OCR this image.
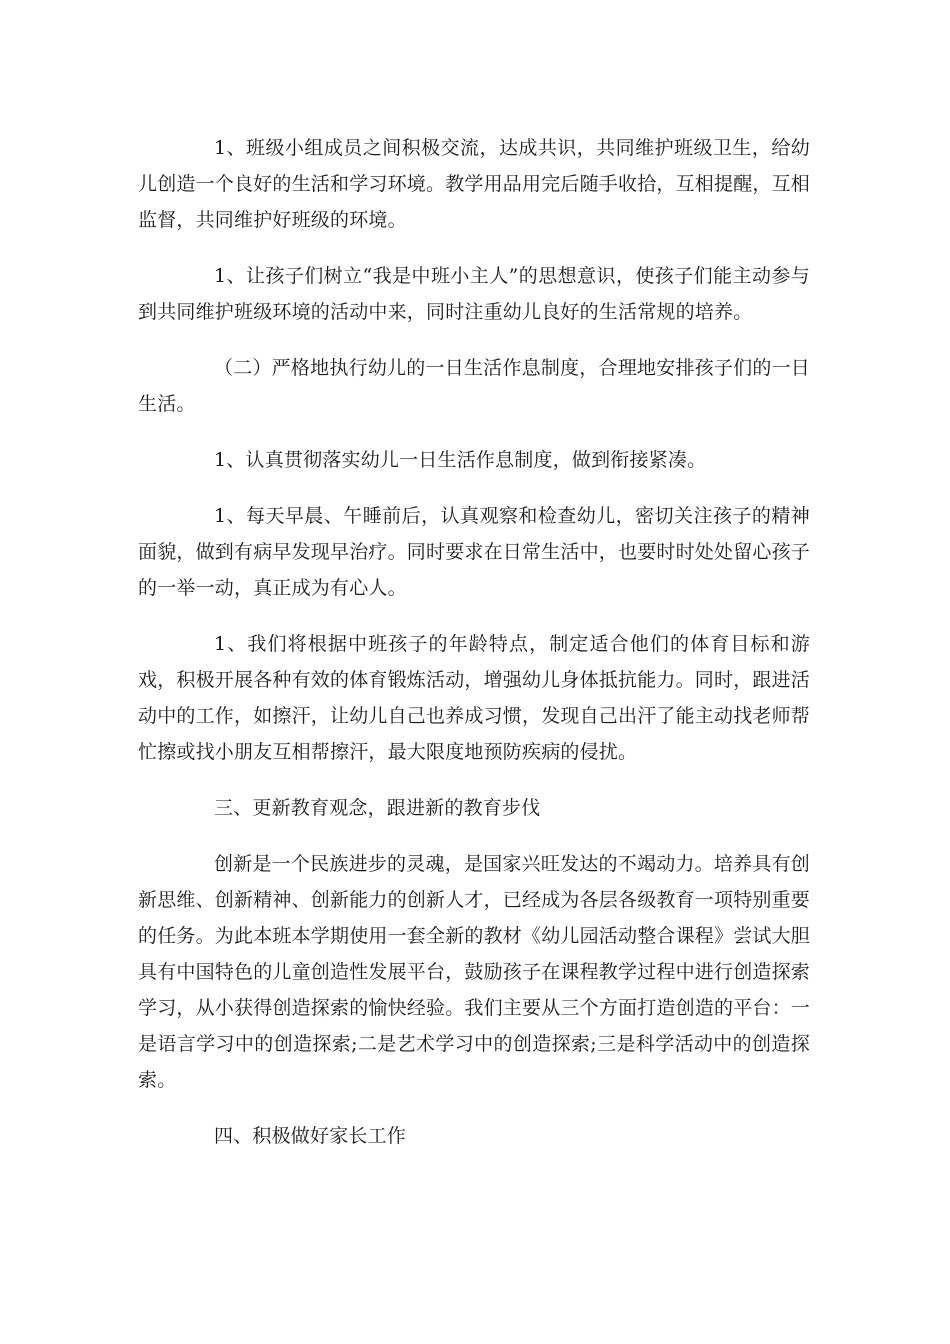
1、班级小组成员之间积极交流，达成共识，共同维护班级卫生，给幼儿创造一个良好的生活和学习环境。教学用品用完后随手收拾，互相提醒，互相监督，共同维护好班级的环境。

1、让孩子们树立“我是中班小主人”的思想意识，使孩子们能主动参与到共同维护班级环境的活动中来，同时注重幼儿良好的生活常规的培养。

（二）严格地执行幼儿的一日生活作息制度，合理地安排孩子们的一日生活。

1、认真贯彻落实幼儿一日生活作息制度，做到衔接紧凑。

1、每天早晨、午睡前后，认真观察和检查幼儿，密切关注孩子的精神面貌，做到有病早发现早治疗。同时要求在日常生活中，也要时时处处留心孩子的一举一动，真正成为有心人。

1、我们将根据中班孩子的年龄特点，制定适合他们的体育目标和游戏，积极开展各种有效的体育锻炼活动，增强幼儿身体抵抗能力。同时，跟进活动中的工作，如擦汗，让幼儿自己也养成习惯，发现自己出汗了能主动找老师帮忙擦或找小朋友互相帮擦汗，最大限度地预防疾病的侵扰。

三、更新教育观念，跟进新的教育步伐

创新是一个民族进步的灵魂，是国家兴旺发达的不竭动力。培养具有创新思维、创新精神、创新能力的创新人才，已经成为各层各级教育一项特别重要的任务。为此本班本学期使用一套全新的教材《幼儿园活动整合课程》尝试大胆具有中国特色的儿童创造性发展平台，鼓励孩子在课程教学过程中进行创造探索学习，从小获得创造探索的愉快经验。我们主要从三个方面打造创造的平台：一是语言学习中的创造探索;二是艺术学习中的创造探索;三是科学活动中的创造探索。

四、积极做好家长工作
